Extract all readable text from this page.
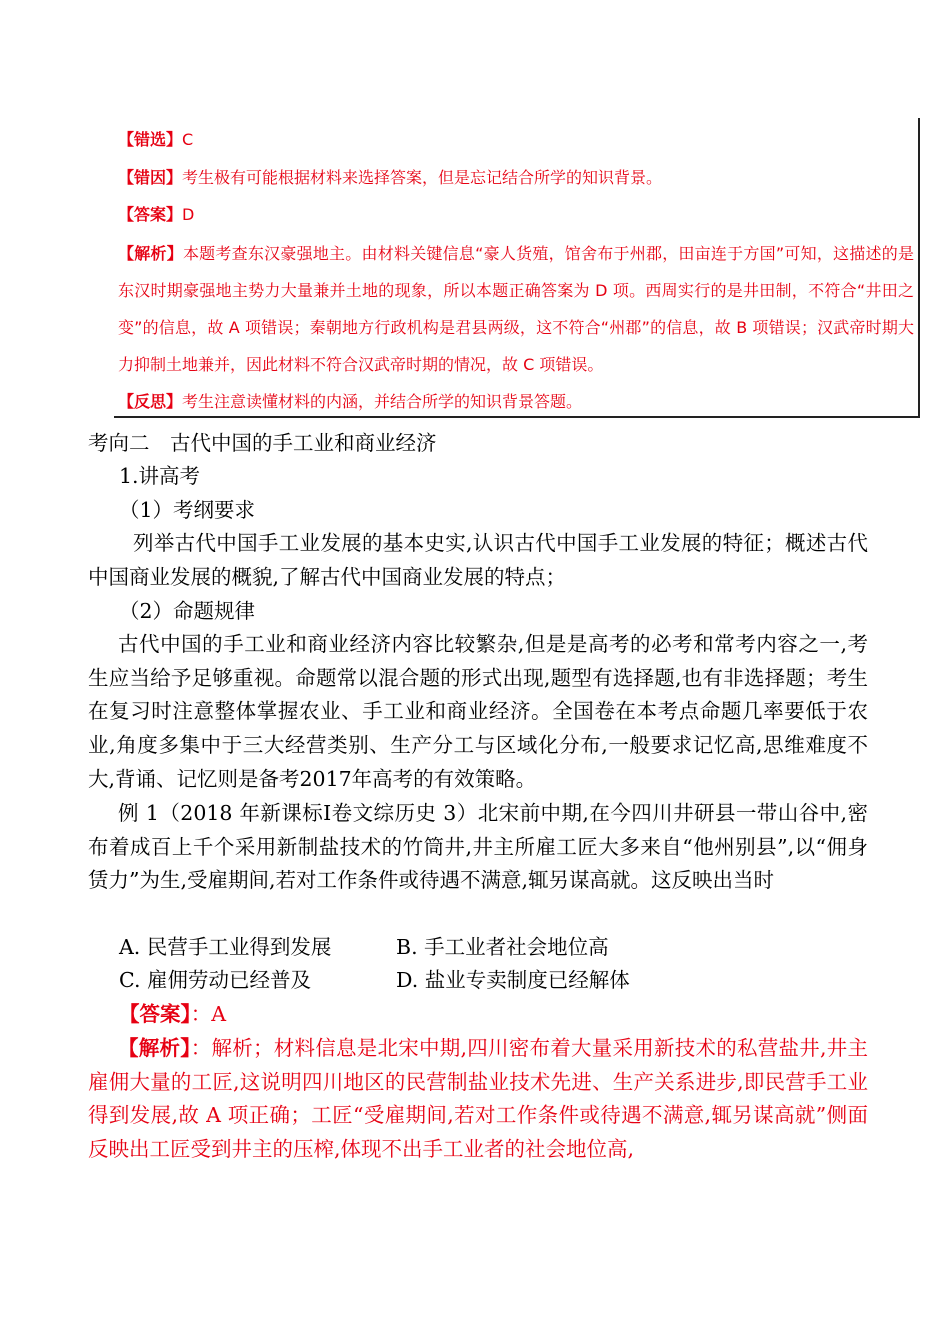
【错选】C
【错因】考生极有可能根据材料来选择答案，但是忘记结合所学的知识背景。
【答案】D
【解析】本题考查东汉豪强地主。由材料关键信息“豪人货殖，馆舍布于州郡，田亩连于方国”可知，这描述的是东汉时期豪强地主势力大量兼并土地的现象，所以本题正确答案为 D 项。西周实行的是井田制，不符合“井田之变”的信息，故 A 项错误；秦朝地方行政机构是君县两级，这不符合“州郡”的信息，故 B 项错误；汉武帝时期大力抑制土地兼并，因此材料不符合汉武帝时期的情况，故 C 项错误。
【反思】考生注意读懂材料的内涵，并结合所学的知识背景答题。
考向二　古代中国的手工业和商业经济
1.讲高考
（1）考纲要求
列举古代中国手工业发展的基本史实,认识古代中国手工业发展的特征；概述古代中国商业发展的概貌,了解古代中国商业发展的特点；
（2）命题规律
古代中国的手工业和商业经济内容比较繁杂,但是是高考的必考和常考内容之一,考生应当给予足够重视。命题常以混合题的形式出现,题型有选择题,也有非选择题；考生在复习时注意整体掌握农业、手工业和商业经济。全国卷在本考点命题几率要低于农业,角度多集中于三大经营类别、生产分工与区域化分布,一般要求记忆高,思维难度不大,背诵、记忆则是备考2017年高考的有效策略。
例 1（2018 年新课标Ⅰ卷文综历史 3）北宋前中期,在今四川井研县一带山谷中,密布着成百上千个采用新制盐技术的竹筒井,井主所雇工匠大多来自“他州别县”,以“佣身赁力”为生,受雇期间,若对工作条件或待遇不满意,辄另谋高就。这反映出当时
A. 民营手工业得到发展	B. 手工业者社会地位高
C. 雇佣劳动已经普及	D. 盐业专卖制度已经解体
【答案】：A
【解析】：解析；材料信息是北宋中期,四川密布着大量采用新技术的私营盐井,井主雇佣大量的工匠,这说明四川地区的民营制盐业技术先进、生产关系进步,即民营手工业得到发展,故 A 项正确；工匠“受雇期间,若对工作条件或待遇不满意,辄另谋高就”侧面反映出工匠受到井主的压榨,体现不出手工业者的社会地位高,
